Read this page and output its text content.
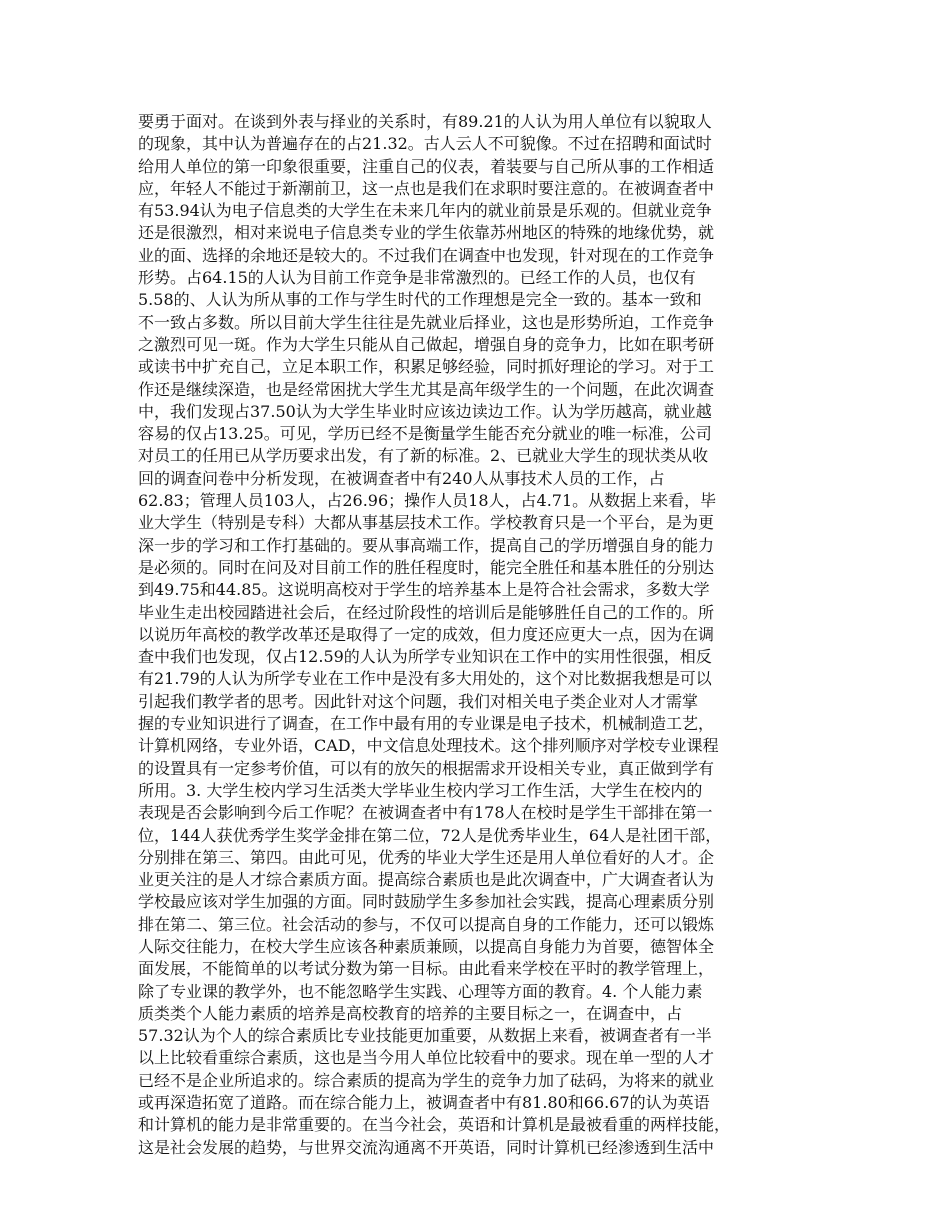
要勇于面对。在谈到外表与择业的关系时，有89.21的人认为用人单位有以貌取人
的现象，其中认为普遍存在的占21.32。古人云人不可貌像。不过在招聘和面试时
给用人单位的第一印象很重要，注重自己的仪表，着装要与自己所从事的工作相适
应，年轻人不能过于新潮前卫，这一点也是我们在求职时要注意的。在被调查者中
有53.94认为电子信息类的大学生在未来几年内的就业前景是乐观的。但就业竞争
还是很激烈，相对来说电子信息类专业的学生依靠苏州地区的特殊的地缘优势，就
业的面、选择的余地还是较大的。不过我们在调查中也发现，针对现在的工作竞争
形势。占64.15的人认为目前工作竞争是非常激烈的。已经工作的人员，也仅有
5.58的、人认为所从事的工作与学生时代的工作理想是完全一致的。基本一致和
不一致占多数。所以目前大学生往往是先就业后择业，这也是形势所迫，工作竞争
之激烈可见一斑。作为大学生只能从自己做起，增强自身的竞争力，比如在职考研
或读书中扩充自己，立足本职工作，积累足够经验，同时抓好理论的学习。对于工
作还是继续深造，也是经常困扰大学生尤其是高年级学生的一个问题，在此次调查
中，我们发现占37.50认为大学生毕业时应该边读边工作。认为学历越高，就业越
容易的仅占13.25。可见，学历已经不是衡量学生能否充分就业的唯一标准，公司
对员工的任用已从学历要求出发，有了新的标准。2、已就业大学生的现状类从收
回的调查问卷中分析发现，在被调查者中有240人从事技术人员的工作，占
62.83；管理人员103人，占26.96；操作人员18人，占4.71。从数据上来看，毕
业大学生（特别是专科）大都从事基层技术工作。学校教育只是一个平台，是为更
深一步的学习和工作打基础的。要从事高端工作，提高自己的学历增强自身的能力
是必须的。同时在问及对目前工作的胜任程度时，能完全胜任和基本胜任的分别达
到49.75和44.85。这说明高校对于学生的培养基本上是符合社会需求，多数大学
毕业生走出校园踏进社会后，在经过阶段性的培训后是能够胜任自己的工作的。所
以说历年高校的教学改革还是取得了一定的成效，但力度还应更大一点，因为在调
查中我们也发现，仅占12.59的人认为所学专业知识在工作中的实用性很强，相反
有21.79的人认为所学专业在工作中是没有多大用处的，这个对比数据我想是可以
引起我们教学者的思考。因此针对这个问题，我们对相关电子类企业对人才需掌
握的专业知识进行了调查，在工作中最有用的专业课是电子技术，机械制造工艺，
计算机网络，专业外语，CAD，中文信息处理技术。这个排列顺序对学校专业课程
的设置具有一定参考价值，可以有的放矢的根据需求开设相关专业，真正做到学有
所用。3. 大学生校内学习生活类大学毕业生校内学习工作生活，大学生在校内的
表现是否会影响到今后工作呢？在被调查者中有178人在校时是学生干部排在第一
位，144人获优秀学生奖学金排在第二位，72人是优秀毕业生，64人是社团干部，
分别排在第三、第四。由此可见，优秀的毕业大学生还是用人单位看好的人才。企
业更关注的是人才综合素质方面。提高综合素质也是此次调查中，广大调查者认为
学校最应该对学生加强的方面。同时鼓励学生多参加社会实践，提高心理素质分别
排在第二、第三位。社会活动的参与，不仅可以提高自身的工作能力，还可以锻炼
人际交往能力，在校大学生应该各种素质兼顾，以提高自身能力为首要，德智体全
面发展，不能简单的以考试分数为第一目标。由此看来学校在平时的教学管理上，
除了专业课的教学外，也不能忽略学生实践、心理等方面的教育。4. 个人能力素
质类类个人能力素质的培养是高校教育的培养的主要目标之一，在调查中，占
57.32认为个人的综合素质比专业技能更加重要，从数据上来看，被调查者有一半
以上比较看重综合素质，这也是当今用人单位比较看中的要求。现在单一型的人才
已经不是企业所追求的。综合素质的提高为学生的竞争力加了砝码，为将来的就业
或再深造拓宽了道路。而在综合能力上，被调查者中有81.80和66.67的认为英语
和计算机的能力是非常重要的。在当今社会，英语和计算机是最被看重的两样技能，
这是社会发展的趋势，与世界交流沟通离不开英语，同时计算机已经渗透到生活中
